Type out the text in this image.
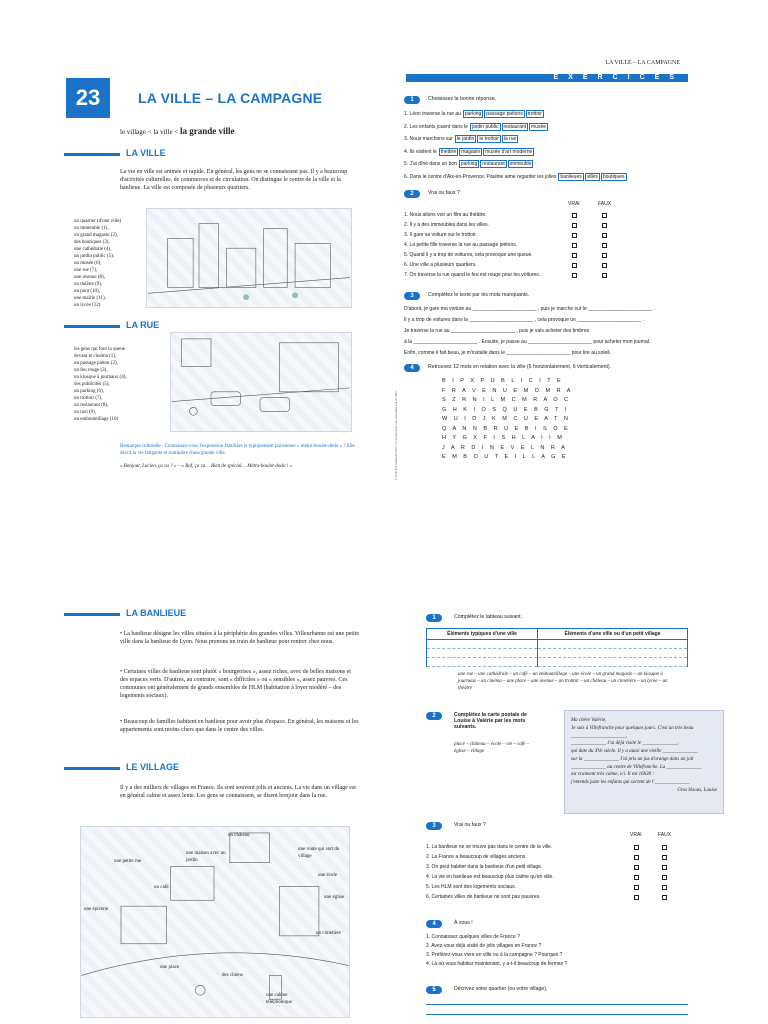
23	LA VILLE – LA CAMPAGNE
le village < la ville < la grande ville
LA VILLE
La vie en ville est animée et rapide. En général, les gens ne se connaissent pas. Il y a beaucoup d'activités culturelles, de commerces et de circulation. On distingue le centre de la ville et la banlieue. La ville est composée de plusieurs quartiers.
un quartier (d'une ville)
un immeuble (1),
un grand magasin (2),
des boutiques (3),
une cathédrale (4),
un jardin public (5),
un musée (6),
une rue (7),
une avenue (8),
un théâtre (9),
un pont (10),
une mairie (11),
un lycée (12)
LA RUE
les gens qui font la queue
devant le cinéma (1),
un passage piéton (2),
un feu rouge (3),
un kiosque à journaux (4),
des publicités (5),
un parking (6),
un trottoir (7),
un restaurant (8),
un taxi (9),
un embouteillage (10)
Remarque culturelle : Connaissez-vous l'expression familière et typiquement parisienne « métro-boulot-dodo » ? Elle décrit la vie fatigante et routinière d'une grande ville.
« Bonjour, Lucien, ça va ? » – « Bof, ça va… Rien de spécial… Métro-boulot-dodo ! »
LA VILLE – LA CAMPAGNE
EXERCICES
1	Choisissez la bonne réponse.
1. Léon traverse la rue au parking passage piétons trottoir
2. Les enfants jouent dans le jardin public restaurant musée
3. Nous marchons sur le jardin le trottoir la rue
4. Ils visitent le théâtre magasin musée d'art moderne
5. J'ai dîné dans un bon parking restaurant immeuble
6. Dans le centre d'Aix-en-Provence, Pauline aime regarder les jolies banlieues villes boutiques
2	Vrai ou faux ?
VRAI	FAUX
1. Nous allons voir un film au théâtre.
2. Il y a des immeubles dans les villes.
3. Il gare sa voiture sur le trottoir.
4. La petite fille traverse la rue au passage piétons.
5. Quand il y a trop de voitures, cela provoque une queue.
6. Une ville a plusieurs quartiers.
7. On traverse la rue quand le feu est rouge pour les voitures.
3	Complétez le texte par les mots manquants.
D'abord, je gare ma voiture au _______________________ , puis je marche sur le _______________________ .
Il y a trop de voitures dans la _______________________ , cela provoque un _______________________ .
Je traverse la rue au _______________________ , puis je vais acheter des timbres
à la _______________________ . Ensuite, je passe au _______________________ pour acheter mon journal.
Enfin, comme il fait beau, je m'installe dans le _______________________ pour lire au soleil.
4	Retrouvez 12 mots en relation avec la ville (6 horizontalement, 6 verticalement).
B I P X P U B L I C I T E
F R A V E N U E M O M R A
S Z R N I L M C M R A O C
G H K I O S Q U E B G T I
W U I D J K M C U E A T N
Q A N N B R U E B I S O E
H Y G X F I S H L A I I M
J A R D I N E V E L N R A
E M B O U T E I L L A G E
© CLE International 2017. La photocopie non autorisée est un délit.
LA BANLIEUE
• La banlieue désigne les villes situées à la périphérie des grandes villes. Villeurbanne est une petite ville dans la banlieue de Lyon. Nous prenons un train de banlieue pour rentrer chez nous.
• Certaines villes de banlieue sont plutôt « bourgeoises », assez riches, avec de belles maisons et des espaces verts. D'autres, au contraire, sont « difficiles » ou « sensibles », assez pauvres. Ces communes ont généralement de grands ensembles de HLM (habitation à loyer modéré – des logements sociaux).
• Beaucoup de familles habitent en banlieue pour avoir plus d'espace. En général, les maisons et les appartements sont moins chers que dans le centre des villes.
LE VILLAGE
Il y a des milliers de villages en France. Ils sont souvent jolis et anciens. La vie dans un village est en général calme et assez lente. Les gens se connaissent, se disent bonjour dans la rue.
un château
une maison avec un jardin
une route qui sort du village
une petite rue
une école
un café
une église
une épicerie
un cimetière
une place
des chiens
une cabine téléphonique
1	Complétez le tableau suivant.
Éléments typiques d'une ville	Éléments d'une ville ou d'un petit village

une rue – une cathédrale – un café – un embouteillage – une école – un grand magasin – un kiosque à journaux – un cinéma – une place – une avenue – un trottoir – un château – un cimetière – un lycée – un théâtre
2	Complétez la carte postale de Louise à Valérie par les mots suivants.
place – château – école – vie – café – église – village
Ma chère Valérie,
Je suis à Villefranche pour quelques jours. C'est un très beau ______________________,
______________ J'ai déjà visité le ______________,
qui date du XVe siècle. Il y a aussi une vieille ______________
sur la ______________ J'ai pris un jus d'orange dans un joli
______________ au centre de Villefranche. La ______________
est vraiment très calme, ici. Il est 16h30 :
j'entends juste les enfants qui sortent de l'______________
Gros bisous, Louise
3	Vrai ou faux ?
VRAI	FAUX
1. La banlieue ne se trouve pas dans le centre de la ville.
2. La France a beaucoup de villages anciens.
3. On peut habiter dans la banlieue d'un petit village.
4. La vie en banlieue est beaucoup plus calme qu'en ville.
5. Les HLM sont des logements sociaux.
6. Certaines villes de banlieue ne sont pas pauvres.
4	À vous !
1. Connaissez quelques villes de France ?
2. Avez-vous déjà visité de jolis villages en France ?
3. Préférez-vous vivre en ville ou à la campagne ? Pourquoi ?
4. Là où vous habitez maintenant, y a-t-il beaucoup de fermes ?
5	Décrivez votre quartier (ou votre village).
